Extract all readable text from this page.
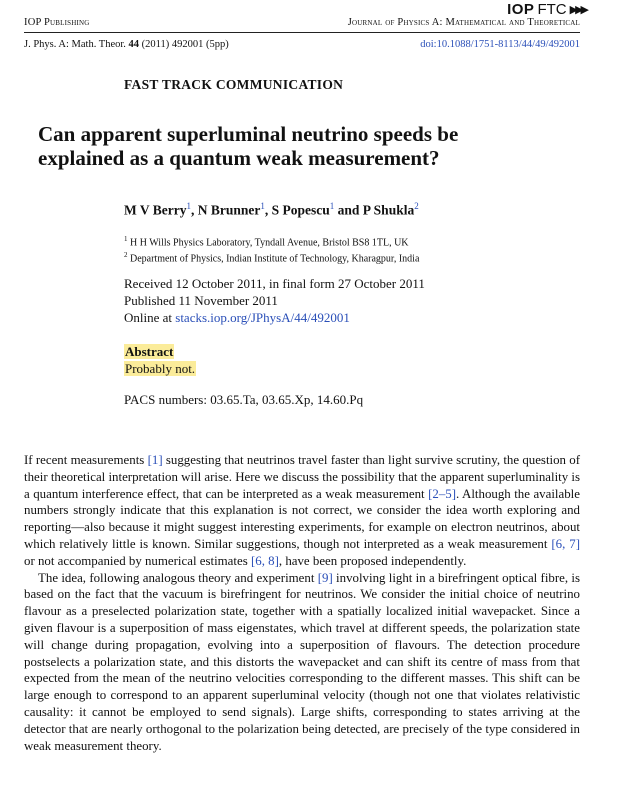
IOP FTC ▶▶▶
IOP Publishing	Journal of Physics A: Mathematical and Theoretical
J. Phys. A: Math. Theor. 44 (2011) 492001 (5pp)	doi:10.1088/1751-8113/44/49/492001
FAST TRACK COMMUNICATION
Can apparent superluminal neutrino speeds be
explained as a quantum weak measurement?
M V Berry$^1$, N Brunner$^1$, S Popescu$^1$ and P Shukla$^2$
$^1$ H H Wills Physics Laboratory, Tyndall Avenue, Bristol BS8 1TL, UK
$^2$ Department of Physics, Indian Institute of Technology, Kharagpur, India
Received 12 October 2011, in final form 27 October 2011
Published 11 November 2011
Online at stacks.iop.org/JPhysA/44/492001
Abstract
Probably not.
PACS numbers: 03.65.Ta, 03.65.Xp, 14.60.Pq

If recent measurements [1] suggesting that neutrinos travel faster than light survive scrutiny, the question of their theoretical interpretation will arise. Here we discuss the possibility that the apparent superluminality is a quantum interference effect, that can be interpreted as a weak measurement [2–5]. Although the available numbers strongly indicate that this explanation is not correct, we consider the idea worth exploring and reporting—also because it might suggest interesting experiments, for example on electron neutrinos, about which relatively little is known. Similar suggestions, though not interpreted as a weak measurement [6, 7] or not accompanied by numerical estimates [6, 8], have been proposed independently.

The idea, following analogous theory and experiment [9] involving light in a birefringent optical fibre, is based on the fact that the vacuum is birefringent for neutrinos. We consider the initial choice of neutrino flavour as a preselected polarization state, together with a spatially localized initial wavepacket. Since a given flavour is a superposition of mass eigenstates, which travel at different speeds, the polarization state will change during propagation, evolving into a superposition of flavours. The detection procedure postselects a polarization state, and this distorts the wavepacket and can shift its centre of mass from that expected from the mean of the neutrino velocities corresponding to the different masses. This shift can be large enough to correspond to an apparent superluminal velocity (though not one that violates relativistic causality: it cannot be employed to send signals). Large shifts, corresponding to states arriving at the detector that are nearly orthogonal to the polarization being detected, are precisely of the type considered in weak measurement theory.
